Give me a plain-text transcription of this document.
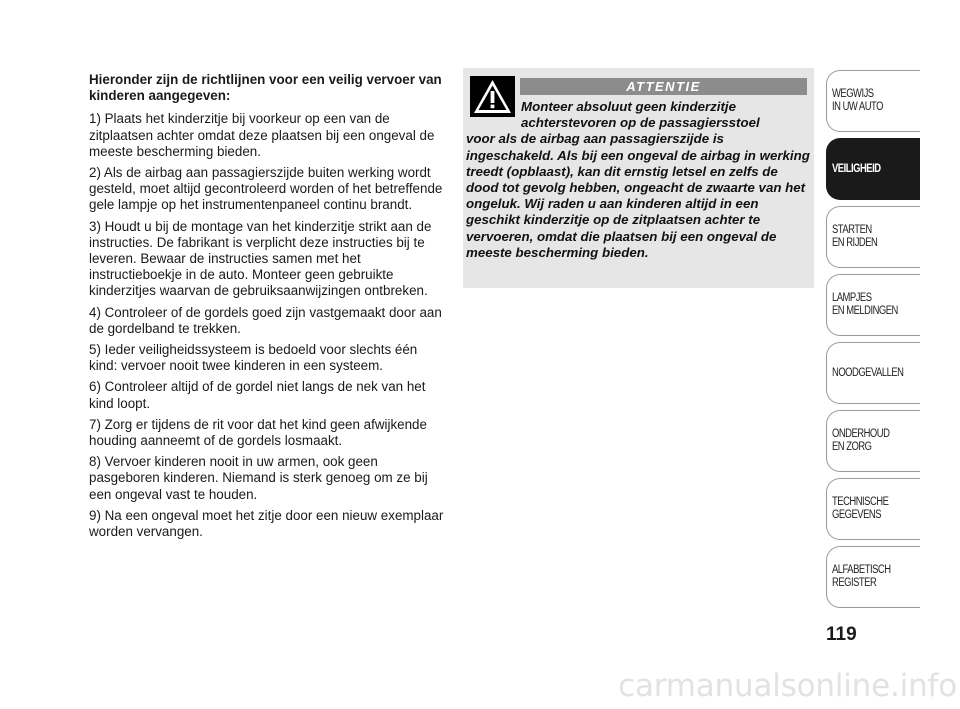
Hieronder zijn de richtlijnen voor een veilig vervoer van kinderen aangegeven:

1) Plaats het kinderzitje bij voorkeur op een van de zitplaatsen achter omdat deze plaatsen bij een ongeval de meeste bescherming bieden.

2) Als de airbag aan passagierszijde buiten werking wordt gesteld, moet altijd gecontroleerd worden of het betreffende gele lampje op het instrumentenpaneel continu brandt.

3) Houdt u bij de montage van het kinderzitje strikt aan de instructies. De fabrikant is verplicht deze instructies bij te leveren. Bewaar de instructies samen met het instructieboekje in de auto. Monteer geen gebruikte kinderzitjes waarvan de gebruiksaanwijzingen ontbreken.

4) Controleer of de gordels goed zijn vastgemaakt door aan de gordelband te trekken.

5) Ieder veiligheidssysteem is bedoeld voor slechts één kind: vervoer nooit twee kinderen in een systeem.

6) Controleer altijd of de gordel niet langs de nek van het kind loopt.

7) Zorg er tijdens de rit voor dat het kind geen afwijkende houding aanneemt of de gordels losmaakt.

8) Vervoer kinderen nooit in uw armen, ook geen pasgeboren kinderen. Niemand is sterk genoeg om ze bij een ongeval vast te houden.

9) Na een ongeval moet het zitje door een nieuw exemplaar worden vervangen.

ATTENTIE
Monteer absoluut geen kinderzitje
achterstevoren op de passagiersstoel
voor als de airbag aan passagierszijde is ingeschakeld. Als bij een ongeval de airbag in werking treedt (opblaast), kan dit ernstig letsel en zelfs de dood tot gevolg hebben, ongeacht de zwaarte van het ongeluk. Wij raden u aan kinderen altijd in een geschikt kinderzitje op de zitplaatsen achter te vervoeren, omdat die plaatsen bij een ongeval de meeste bescherming bieden.
WEGWIJS
IN UW AUTO
VEILIGHEID
STARTEN
EN RIJDEN
LAMPJES
EN MELDINGEN
NOODGEVALLEN
ONDERHOUD
EN ZORG
TECHNISCHE
GEGEVENS
ALFABETISCH
REGISTER
119
carmanualsonline.info
